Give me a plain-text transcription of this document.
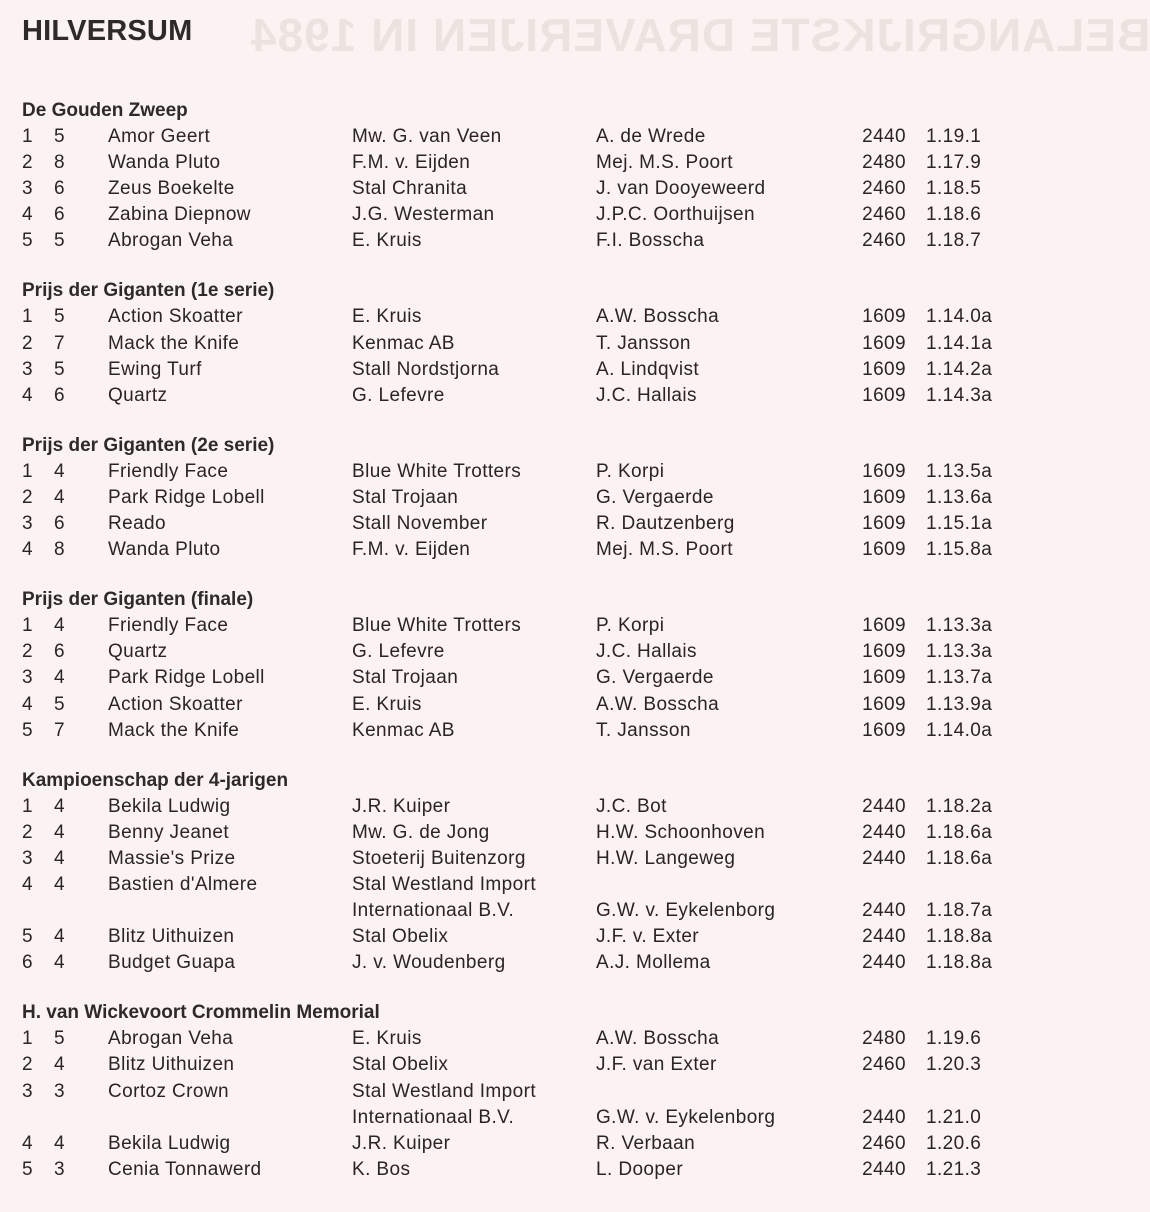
BELANGRIJKSTE DRAVERIJEN IN 1984
HILVERSUM
De Gouden Zweep
1	5	Amor Geert	Mw. G. van Veen	A. de Wrede	2440	1.19.1
2	8	Wanda Pluto	F.M. v. Eijden	Mej. M.S. Poort	2480	1.17.9
3	6	Zeus Boekelte	Stal Chranita	J. van Dooyeweerd	2460	1.18.5
4	6	Zabina Diepnow	J.G. Westerman	J.P.C. Oorthuijsen	2460	1.18.6
5	5	Abrogan Veha	E. Kruis	F.I. Bosscha	2460	1.18.7
Prijs der Giganten (1e serie)
1	5	Action Skoatter	E. Kruis	A.W. Bosscha	1609	1.14.0a
2	7	Mack the Knife	Kenmac AB	T. Jansson	1609	1.14.1a
3	5	Ewing Turf	Stall Nordstjorna	A. Lindqvist	1609	1.14.2a
4	6	Quartz	G. Lefevre	J.C. Hallais	1609	1.14.3a
Prijs der Giganten (2e serie)
1	4	Friendly Face	Blue White Trotters	P. Korpi	1609	1.13.5a
2	4	Park Ridge Lobell	Stal Trojaan	G. Vergaerde	1609	1.13.6a
3	6	Reado	Stall November	R. Dautzenberg	1609	1.15.1a
4	8	Wanda Pluto	F.M. v. Eijden	Mej. M.S. Poort	1609	1.15.8a
Prijs der Giganten (finale)
1	4	Friendly Face	Blue White Trotters	P. Korpi	1609	1.13.3a
2	6	Quartz	G. Lefevre	J.C. Hallais	1609	1.13.3a
3	4	Park Ridge Lobell	Stal Trojaan	G. Vergaerde	1609	1.13.7a
4	5	Action Skoatter	E. Kruis	A.W. Bosscha	1609	1.13.9a
5	7	Mack the Knife	Kenmac AB	T. Jansson	1609	1.14.0a
Kampioenschap der 4-jarigen
1	4	Bekila Ludwig	J.R. Kuiper	J.C. Bot	2440	1.18.2a
2	4	Benny Jeanet	Mw. G. de Jong	H.W. Schoonhoven	2440	1.18.6a
3	4	Massie's Prize	Stoeterij Buitenzorg	H.W. Langeweg	2440	1.18.6a
4	4	Bastien d'Almere	Stal Westland Import
Internationaal B.V.	G.W. v. Eykelenborg	2440	1.18.7a
5	4	Blitz Uithuizen	Stal Obelix	J.F. v. Exter	2440	1.18.8a
6	4	Budget Guapa	J. v. Woudenberg	A.J. Mollema	2440	1.18.8a
H. van Wickevoort Crommelin Memorial
1	5	Abrogan Veha	E. Kruis	A.W. Bosscha	2480	1.19.6
2	4	Blitz Uithuizen	Stal Obelix	J.F. van Exter	2460	1.20.3
3	3	Cortoz Crown	Stal Westland Import
Internationaal B.V.	G.W. v. Eykelenborg	2440	1.21.0
4	4	Bekila Ludwig	J.R. Kuiper	R. Verbaan	2460	1.20.6
5	3	Cenia Tonnawerd	K. Bos	L. Dooper	2440	1.21.3
